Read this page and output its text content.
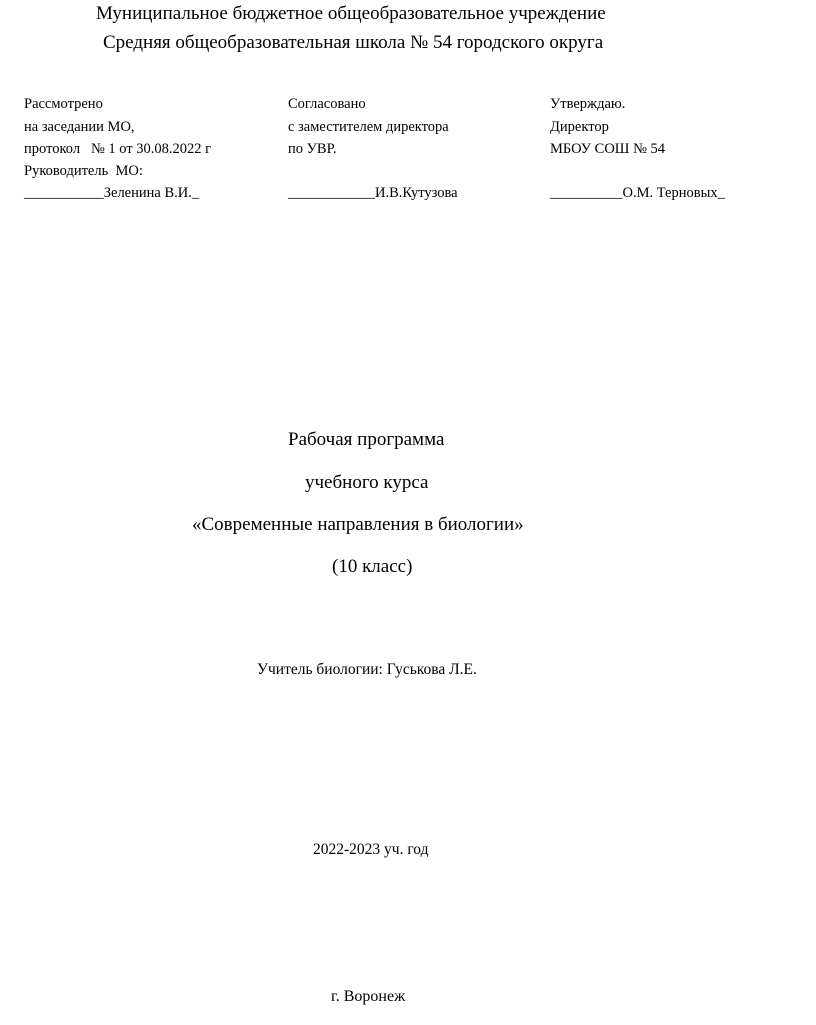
Муниципальное бюджетное общеобразовательное учреждение
Средняя общеобразовательная школа № 54 городского округа
Рассмотрено
на заседании МО,
протокол   № 1 от 30.08.2022 г
Руководитель  МО:
___________Зеленина В.И._
Согласовано
с заместителем директора
по УВР.
____________И.В.Кутузова
Утверждаю.
Директор
МБОУ СОШ № 54
__________О.М. Терновых_
Рабочая программа
учебного курса
«Современные направления в биологии»
(10 класс)
Учитель биологии: Гуськова Л.Е.
2022-2023 уч. год
г. Воронеж
